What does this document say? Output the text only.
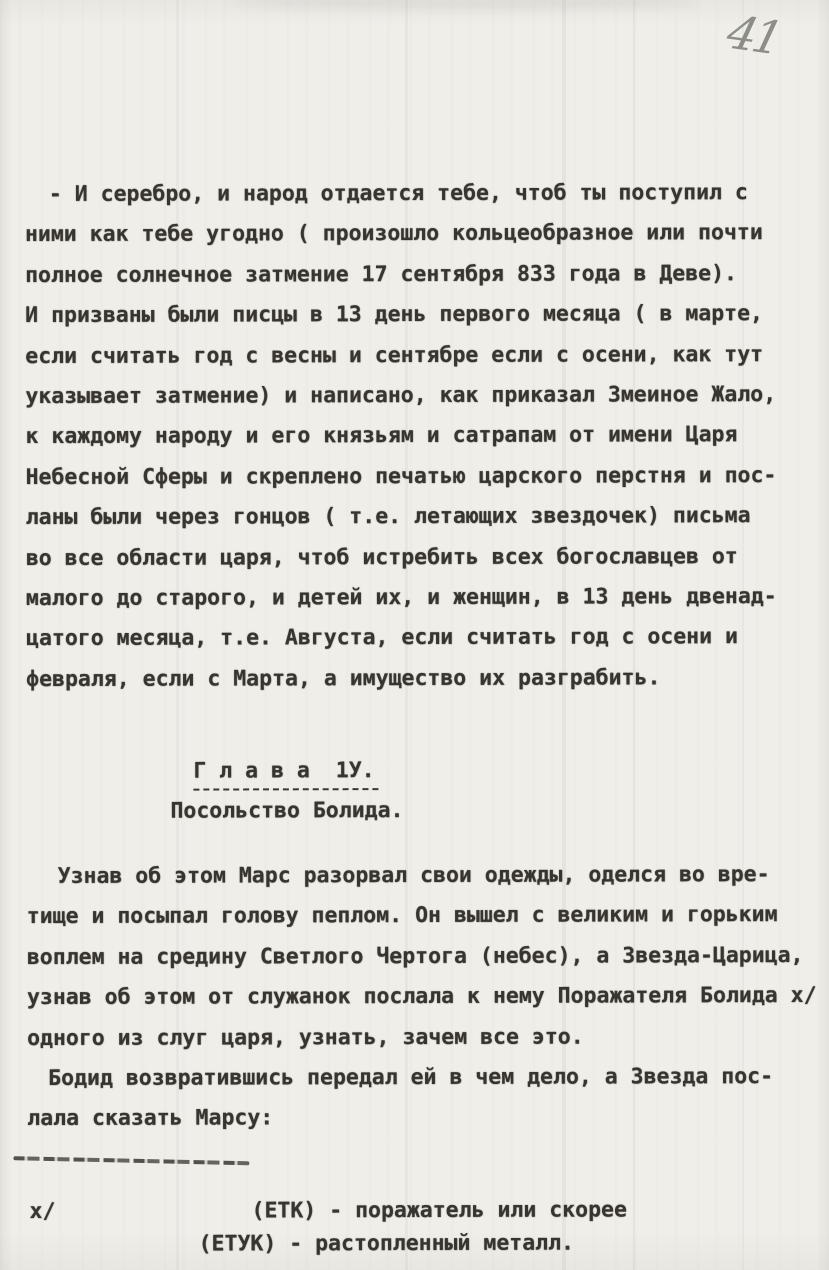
41
- И серебро, и народ отдается тебе, чтоб ты поступил с
ними как тебе угодно ( произошло кольцеобразное или почти
полное солнечное затмение 17 сентября 833 года в Деве).
И призваны были писцы в 13 день первого месяца ( в марте,
если считать год с весны и сентябре если с осени, как тут
указывает затмение) и написано, как приказал Змеиное Жало,
к каждому народу и его князьям и сатрапам от имени Царя
Небесной Сферы и скреплено печатью царского перстня и пос-
ланы были через гонцов ( т.е. летающих звездочек) письма
во все области царя, чтоб истребить всех богославцев от
малого до старого, и детей их, и женщин, в 13 день двенад-
цатого месяца, т.е. Августа, если считать год с осени и
февраля, если с Марта, а имущество их разграбить.
Г л а в а  1У.
Посольство Болида.
Узнав об этом Марс разорвал свои одежды, оделся во вре-
тище и посыпал голову пеплом. Он вышел с великим и горьким
воплем на средину Светлого Чертога (небес), а Звезда-Царица,
узнав об этом от служанок послала к нему Поражателя Болида х/
одного из слуг царя, узнать, зачем все это.
Бодид возвратившись передал ей в чем дело, а Звезда пос-
лала сказать Марсу:
х/	(ЕТК) - поражатель или скорее
(ЕТУК) - растопленный металл.
